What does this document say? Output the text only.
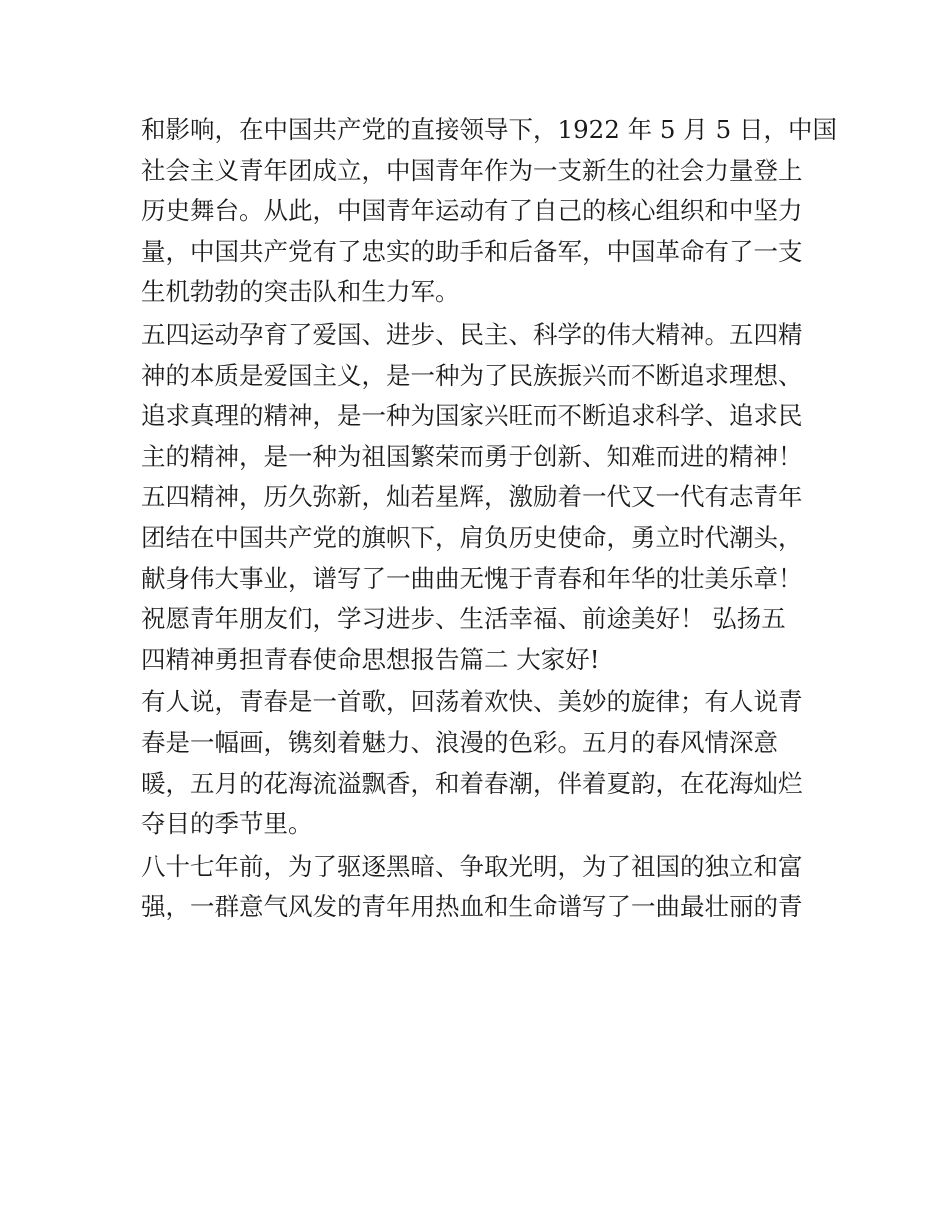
和影响，在中国共产党的直接领导下，1922 年 5 月 5 日，中国
社会主义青年团成立，中国青年作为一支新生的社会力量登上
历史舞台。从此，中国青年运动有了自己的核心组织和中坚力
量，中国共产党有了忠实的助手和后备军，中国革命有了一支
生机勃勃的突击队和生力军。

五四运动孕育了爱国、进步、民主、科学的伟大精神。五四精
神的本质是爱国主义，是一种为了民族振兴而不断追求理想、
追求真理的精神，是一种为国家兴旺而不断追求科学、追求民
主的精神，是一种为祖国繁荣而勇于创新、知难而进的精神！
五四精神，历久弥新，灿若星辉，激励着一代又一代有志青年
团结在中国共产党的旗帜下，肩负历史使命，勇立时代潮头，
献身伟大事业，谱写了一曲曲无愧于青春和年华的壮美乐章！
祝愿青年朋友们，学习进步、生活幸福、前途美好！ 弘扬五
四精神勇担青春使命思想报告篇二 大家好!

有人说，青春是一首歌，回荡着欢快、美妙的旋律；有人说青
春是一幅画，镌刻着魅力、浪漫的色彩。五月的春风情深意
暖，五月的花海流溢飘香，和着春潮，伴着夏韵，在花海灿烂
夺目的季节里。

八十七年前，为了驱逐黑暗、争取光明，为了祖国的独立和富
强，一群意气风发的青年用热血和生命谱写了一曲最壮丽的青
